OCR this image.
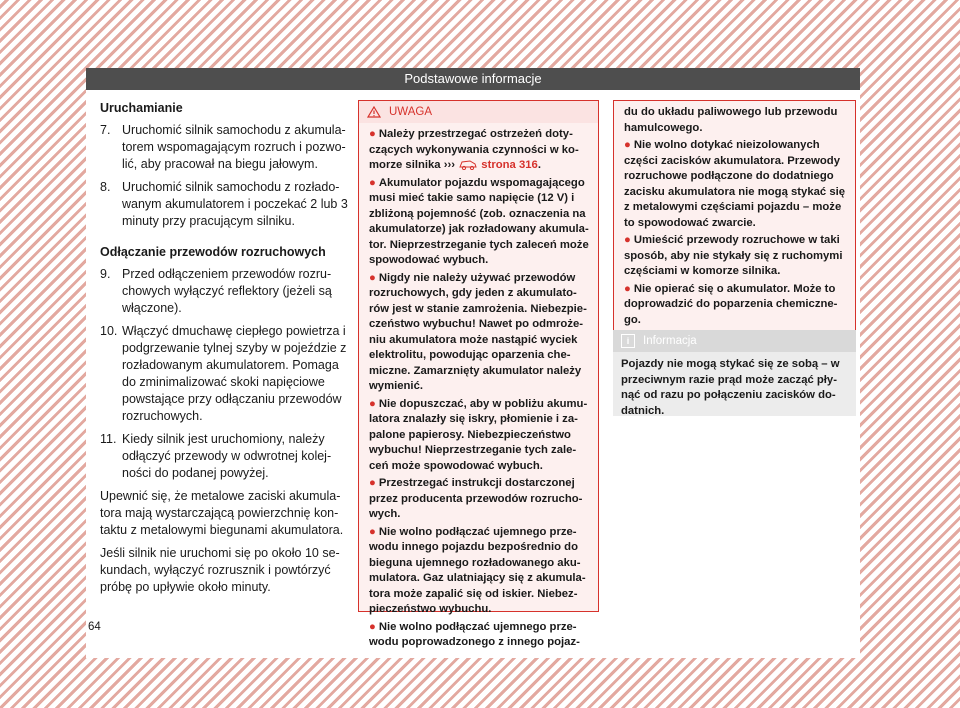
Podstawowe informacje
Uruchamianie
7. Uruchomić silnik samochodu z akumulatorem wspomagającym rozruch i pozwolić, aby pracował na biegu jałowym.
8. Uruchomić silnik samochodu z rozładowanym akumulatorem i poczekać 2 lub 3 minuty przy pracującym silniku.
Odłączanie przewodów rozruchowych
9. Przed odłączeniem przewodów rozruchowych wyłączyć reflektory (jeżeli są włączone).
10. Włączyć dmuchawę ciepłego powietrza i podgrzewanie tylnej szyby w pojeździe z rozładowanym akumulatorem. Pomaga do zminimalizować skoki napięciowe powstające przy odłączaniu przewodów rozruchowych.
11. Kiedy silnik jest uruchomiony, należy odłączyć przewody w odwrotnej kolejności do podanej powyżej.

Upewnić się, że metalowe zaciski akumulatora mają wystarczającą powierzchnię kontaktu z metalowymi biegunami akumulatora.

Jeśli silnik nie uruchomi się po około 10 sekundach, wyłączyć rozrusznik i powtórzyć próbę po upływie około minuty.

UWAGA
● Należy przestrzegać ostrzeżeń dotyczących wykonywania czynności w komorze silnika ››› strona 316.
● Akumulator pojazdu wspomagającego musi mieć takie samo napięcie (12 V) i zbliżoną pojemność (zob. oznaczenia na akumulatorze) jak rozładowany akumulator. Nieprzestrzeganie tych zaleceń może spowodować wybuch.
● Nigdy nie należy używać przewodów rozruchowych, gdy jeden z akumulatorów jest w stanie zamrożenia. Niebezpieczeństwo wybuchu! Nawet po odmrożeniu akumulatora może nastąpić wyciek elektrolitu, powodując oparzenia chemiczne. Zamarznięty akumulator należy wymienić.
● Nie dopuszczać, aby w pobliżu akumulatora znalazły się iskry, płomienie i zapalone papierosy. Niebezpieczeństwo wybuchu! Nieprzestrzeganie tych zaleceń może spowodować wybuch.
● Przestrzegać instrukcji dostarczonej przez producenta przewodów rozruchowych.
● Nie wolno podłączać ujemnego przewodu innego pojazdu bezpośrednio do bieguna ujemnego rozładowanego akumulatora. Gaz ulatniający się z akumulatora może zapalić się od iskier. Niebezpieczeństwo wybuchu.
● Nie wolno podłączać ujemnego przewodu poprowadzonego z innego pojaz-
du do układu paliwowego lub przewodu hamulcowego.
● Nie wolno dotykać nieizolowanych części zacisków akumulatora. Przewody rozruchowe podłączone do dodatniego zacisku akumulatora nie mogą stykać się z metalowymi częściami pojazdu – może to spowodować zwarcie.
● Umieścić przewody rozruchowe w taki sposób, aby nie stykały się z ruchomymi częściami w komorze silnika.
● Nie opierać się o akumulator. Może to doprowadzić do poparzenia chemicznego.
i	Informacja
Pojazdy nie mogą stykać się ze sobą – w przeciwnym razie prąd może zacząć płynąć od razu po połączeniu zacisków dodatnich.
64
